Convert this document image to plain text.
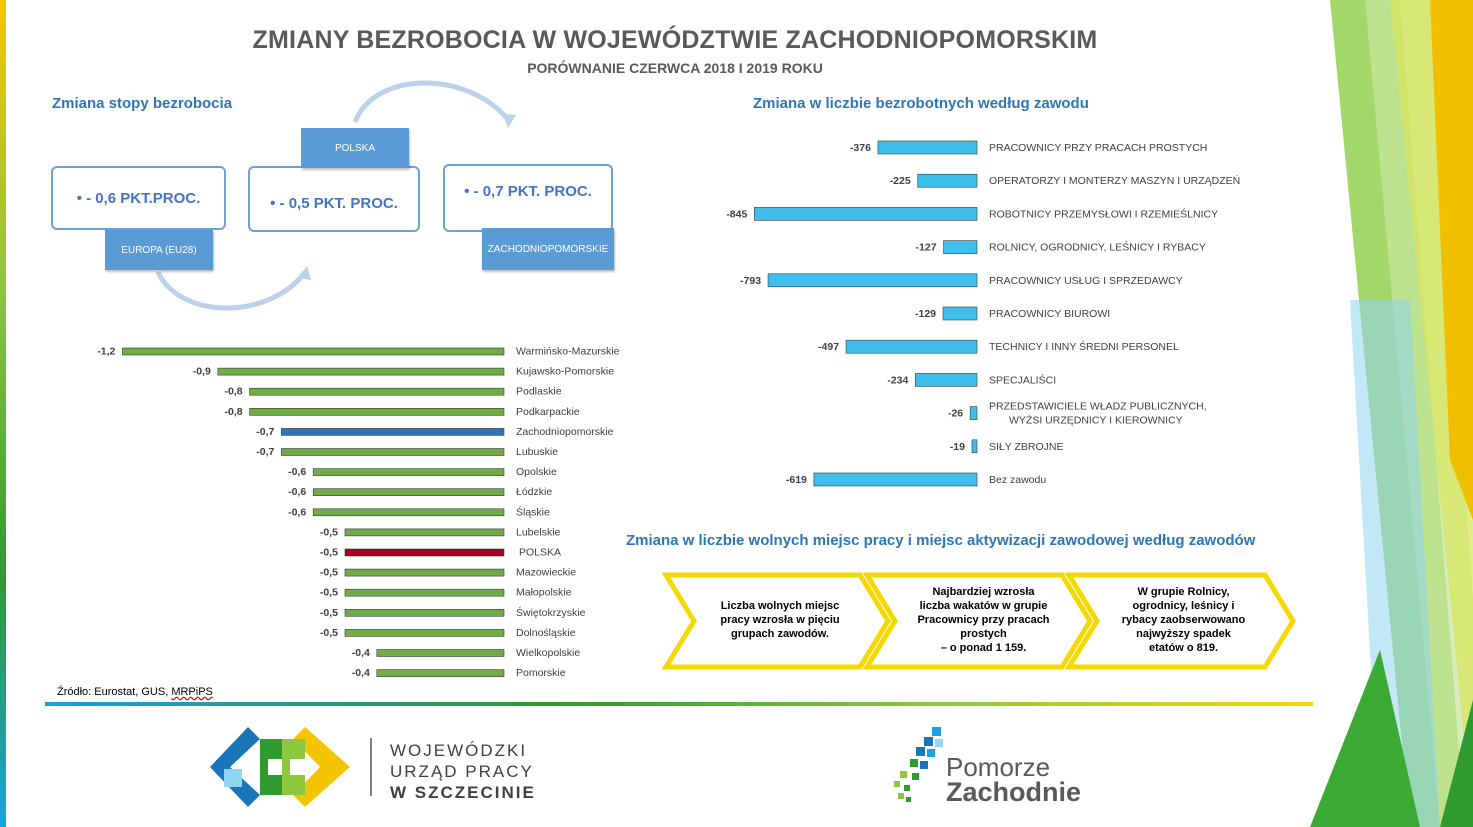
ZMIANY BEZROBOCIA W WOJEWÓDZTWIE ZACHODNIOPOMORSKIM
PORÓWNANIE CZERWCA 2018 I 2019 ROKU
Zmiana stopy bezrobocia
• - 0,6 PKT.PROC.
EUROPA (EU28)
• - 0,5 PKT. PROC.
POLSKA
• - 0,7 PKT. PROC.
ZACHODNIOPOMORSKIE
-1,2	Warmińsko-Mazurskie
-0,9	Kujawsko-Pomorskie
-0,8	Podlaskie
-0,8	Podkarpackie
-0,7	Zachodniopomorskie
-0,7	Lubuskie
-0,6	Opolskie
-0,6	Łódzkie
-0,6	Śląskie
-0,5	Lubelskie
-0,5	POLSKA
-0,5	Mazowieckie
-0,5	Małopolskie
-0,5	Świętokrzyskie
-0,5	Dolnośląskie
-0,4	Wielkopolskie
-0,4	Pomorskie
Źródło: Eurostat, GUS, MRPiPS
Zmiana w liczbie bezrobotnych według zawodu
-376	PRACOWNICY PRZY PRACACH PROSTYCH
-225	OPERATORZY I MONTERZY MASZYN I URZĄDZEŃ
-845	ROBOTNICY PRZEMYSŁOWI I RZEMIEŚLNICY
-127	ROLNICY, OGRODNICY, LEŚNICY I RYBACY
-793	PRACOWNICY USŁUG I SPRZEDAWCY
-129	PRACOWNICY BIUROWI
-497	TECHNICY I INNY ŚREDNI PERSONEL
-234	SPECJALIŚCI
-26
PRZEDSTAWICIELE WŁADZ PUBLICZNYCH,
WYŻSI URZĘDNICY I KIEROWNICY
-19 SIŁY ZBROJNE
-619	Bez zawodu
Zmiana w liczbie wolnych miejsc pracy i miejsc aktywizacji zawodowej według zawodów
Liczba wolnych miejsc
pracy wzrosła w pięciu
grupach zawodów.
Najbardziej wzrosła
liczba wakatów w grupie
Pracownicy przy pracach
prostych
– o ponad 1 159.
W grupie Rolnicy,
ogrodnicy, leśnicy i
rybacy zaobserwowano
najwyższy spadek
etatów o 819.
WOJEWÓDZKI
URZĄD PRACY
W SZCZECINIE
Pomorze
Zachodnie
